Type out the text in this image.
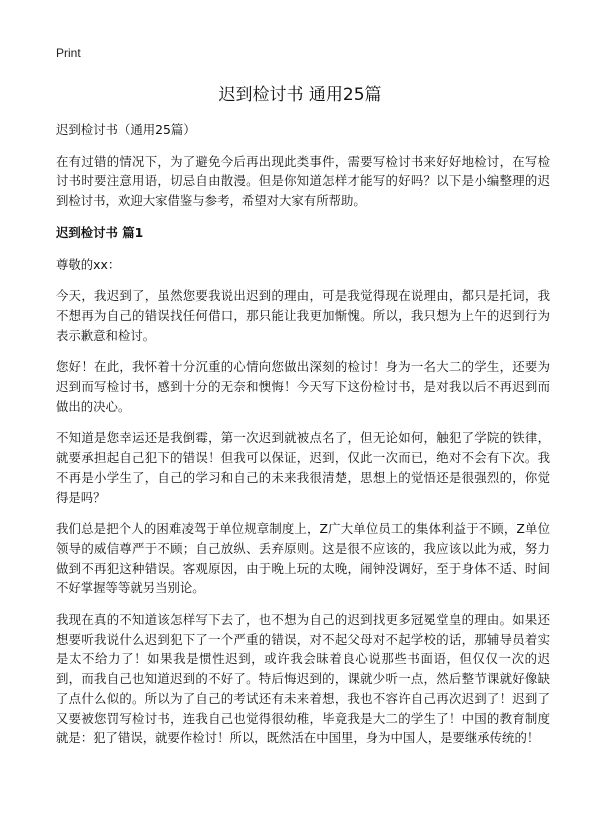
Print
迟到检讨书 通用25篇

迟到检讨书（通用25篇）

在有过错的情况下，为了避免今后再出现此类事件，需要写检讨书来好好地检讨，在写检讨书时要注意用语，切忌自由散漫。但是你知道怎样才能写的好吗？以下是小编整理的迟到检讨书，欢迎大家借鉴与参考，希望对大家有所帮助。

迟到检讨书 篇1

尊敬的xx：

今天，我迟到了，虽然您要我说出迟到的理由，可是我觉得现在说理由，都只是托词，我不想再为自己的错误找任何借口，那只能让我更加惭愧。所以，我只想为上午的迟到行为表示歉意和检讨。

您好！在此，我怀着十分沉重的心情向您做出深刻的检讨！身为一名大二的学生，还要为迟到而写检讨书，感到十分的无奈和懊悔！今天写下这份检讨书，是对我以后不再迟到而做出的决心。

不知道是您幸运还是我倒霉，第一次迟到就被点名了，但无论如何，触犯了学院的铁律，就要承担起自己犯下的错误！但我可以保证，迟到，仅此一次而已，绝对不会有下次。我不再是小学生了，自己的学习和自己的未来我很清楚，思想上的觉悟还是很强烈的，你觉得是吗？

我们总是把个人的困难凌驾于单位规章制度上，Z广大单位员工的集体利益于不顾，Z单位领导的威信尊严于不顾；自己放纵、丢弃原则。这是很不应该的，我应该以此为戒，努力做到不再犯这种错误。客观原因，由于晚上玩的太晚，闹钟没调好，至于身体不适、时间不好掌握等等就另当别论。

我现在真的不知道该怎样写下去了，也不想为自己的迟到找更多冠冕堂皇的理由。如果还想要听我说什么迟到犯下了一个严重的错误，对不起父母对不起学校的话，那辅导员着实是太不给力了！如果我是惯性迟到，或许我会昧着良心说那些书面语，但仅仅一次的迟到，而我自己也知道迟到的不好了。特后悔迟到的，课就少听一点，然后整节课就好像缺了点什么似的。所以为了自己的考试还有未来着想，我也不容许自己再次迟到了！迟到了又要被您罚写检讨书，连我自己也觉得很幼稚，毕竟我是大二的学生了！中国的教育制度就是：犯了错误，就要作检讨！所以，既然活在中国里，身为中国人，是要继承传统的！
